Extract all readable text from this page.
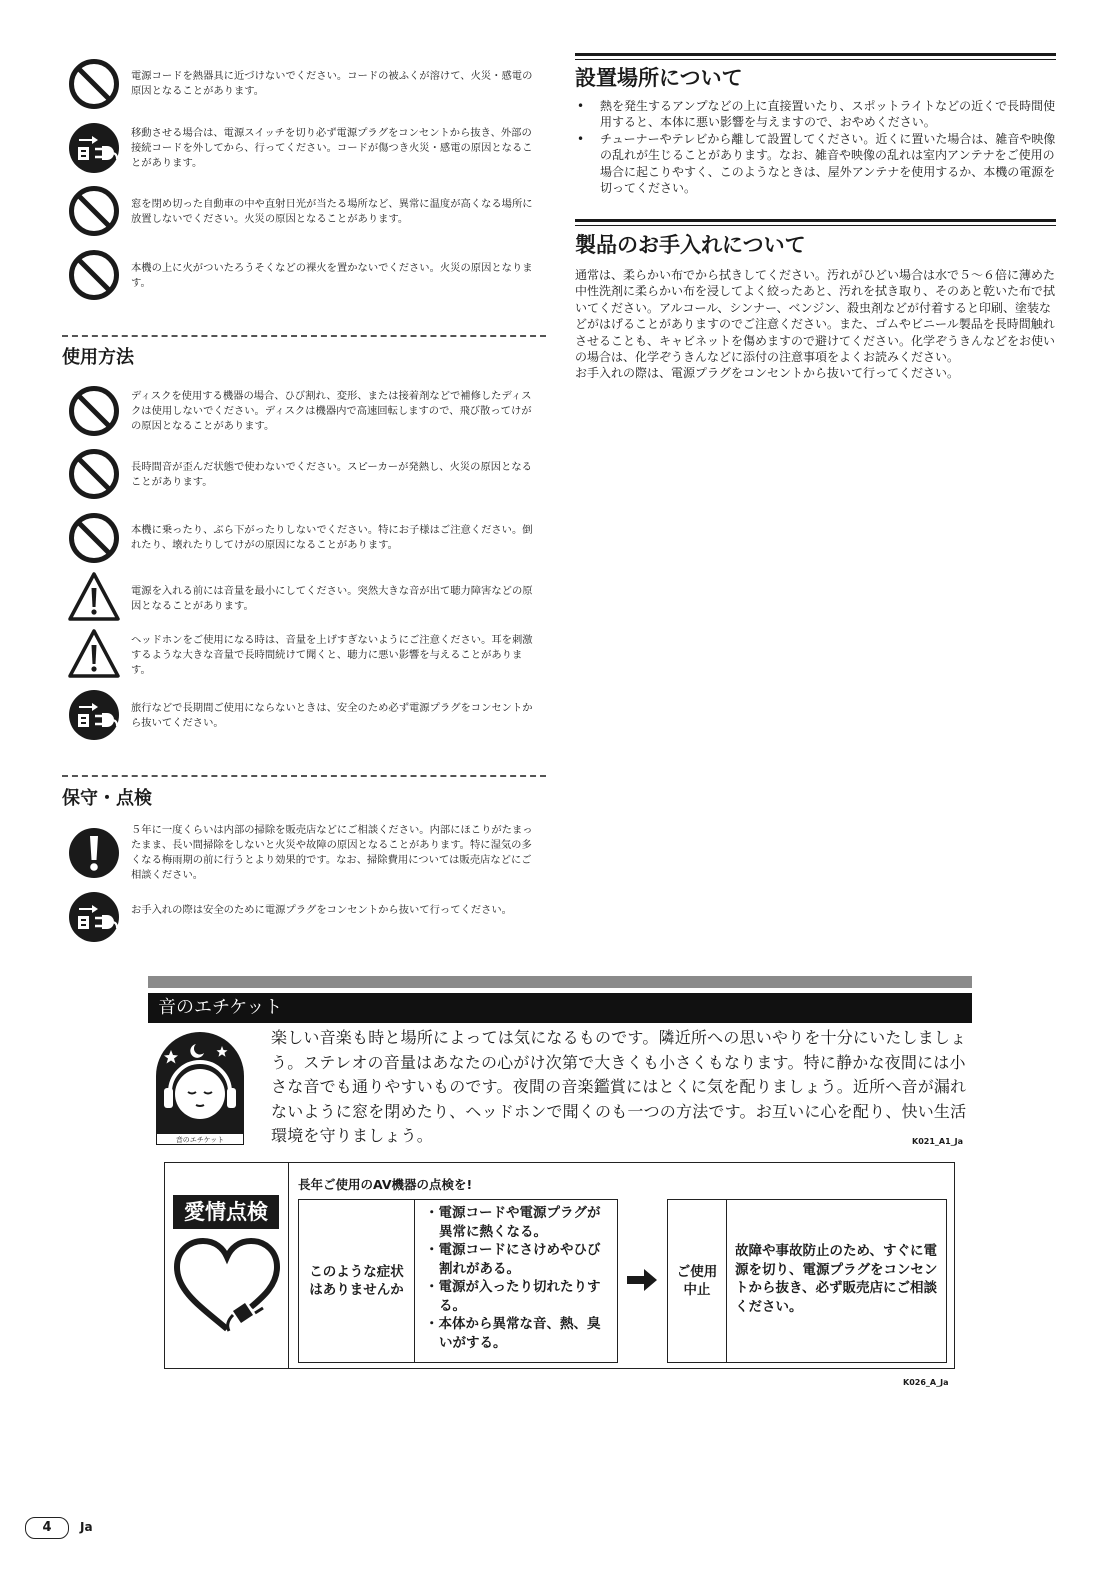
電源コードを熱器具に近づけないでください。コードの被ふくが溶けて、火災・感電の原因となることがあります。
移動させる場合は、電源スイッチを切り必ず電源プラグをコンセントから抜き、外部の接続コードを外してから、行ってください。コードが傷つき火災・感電の原因となることがあります。
窓を閉め切った自動車の中や直射日光が当たる場所など、異常に温度が高くなる場所に放置しないでください。火災の原因となることがあります。
本機の上に火がついたろうそくなどの裸火を置かないでください。火災の原因となります。
使用方法
ディスクを使用する機器の場合、ひび割れ、変形、または接着剤などで補修したディスクは使用しないでください。ディスクは機器内で高速回転しますので、飛び散ってけがの原因となることがあります。
長時間音が歪んだ状態で使わないでください。スピーカーが発熱し、火災の原因となることがあります。
本機に乗ったり、ぶら下がったりしないでください。特にお子様はご注意ください。倒れたり、壊れたりしてけがの原因になることがあります。
電源を入れる前には音量を最小にしてください。突然大きな音が出て聴力障害などの原因となることがあります。
ヘッドホンをご使用になる時は、音量を上げすぎないようにご注意ください。耳を刺激するような大きな音量で長時間続けて聞くと、聴力に悪い影響を与えることがあります。
旅行などで長期間ご使用にならないときは、安全のため必ず電源プラグをコンセントから抜いてください。
保守・点検
５年に一度くらいは内部の掃除を販売店などにご相談ください。内部にほこりがたまったまま、長い間掃除をしないと火災や故障の原因となることがあります。特に湿気の多くなる梅雨期の前に行うとより効果的です。なお、掃除費用については販売店などにご相談ください。
お手入れの際は安全のために電源プラグをコンセントから抜いて行ってください。
設置場所について
• 熱を発生するアンプなどの上に直接置いたり、スポットライトなどの近くで長時間使用すると、本体に悪い影響を与えますので、おやめください。
• チューナーやテレビから離して設置してください。近くに置いた場合は、雑音や映像の乱れが生じることがあります。なお、雑音や映像の乱れは室内アンテナをご使用の場合に起こりやすく、このようなときは、屋外アンテナを使用するか、本機の電源を切ってください。
製品のお手入れについて
通常は、柔らかい布でから拭きしてください。汚れがひどい場合は水で５～６倍に薄めた中性洗剤に柔らかい布を浸してよく絞ったあと、汚れを拭き取り、そのあと乾いた布で拭いてください。アルコール、シンナー、ベンジン、殺虫剤などが付着すると印刷、塗装などがはげることがありますのでご注意ください。また、ゴムやビニール製品を長時間触れさせることも、キャビネットを傷めますので避けてください。化学ぞうきんなどをお使いの場合は、化学ぞうきんなどに添付の注意事項をよくお読みください。
お手入れの際は、電源プラグをコンセントから抜いて行ってください。
音のエチケット
音のエチケット
楽しい音楽も時と場所によっては気になるものです。隣近所への思いやりを十分にいたしましょう。ステレオの音量はあなたの心がけ次第で大きくも小さくもなります。特に静かな夜間には小さな音でも通りやすいものです。夜間の音楽鑑賞にはとくに気を配りましょう。近所へ音が漏れないように窓を閉めたり、ヘッドホンで聞くのも一つの方法です。お互いに心を配り、快い生活環境を守りましょう。	K021_A1_Ja
愛情点検
長年ご使用のAV機器の点検を!
このような症状はありませんか
・電源コードや電源プラグが異常に熱くなる。
・電源コードにさけめやひび割れがある。
・電源が入ったり切れたりする。
・本体から異常な音、熱、臭いがする。
ご使用中止
故障や事故防止のため、すぐに電源を切り、電源プラグをコンセントから抜き、必ず販売店にご相談ください。
K026_A_Ja
4	Ja
